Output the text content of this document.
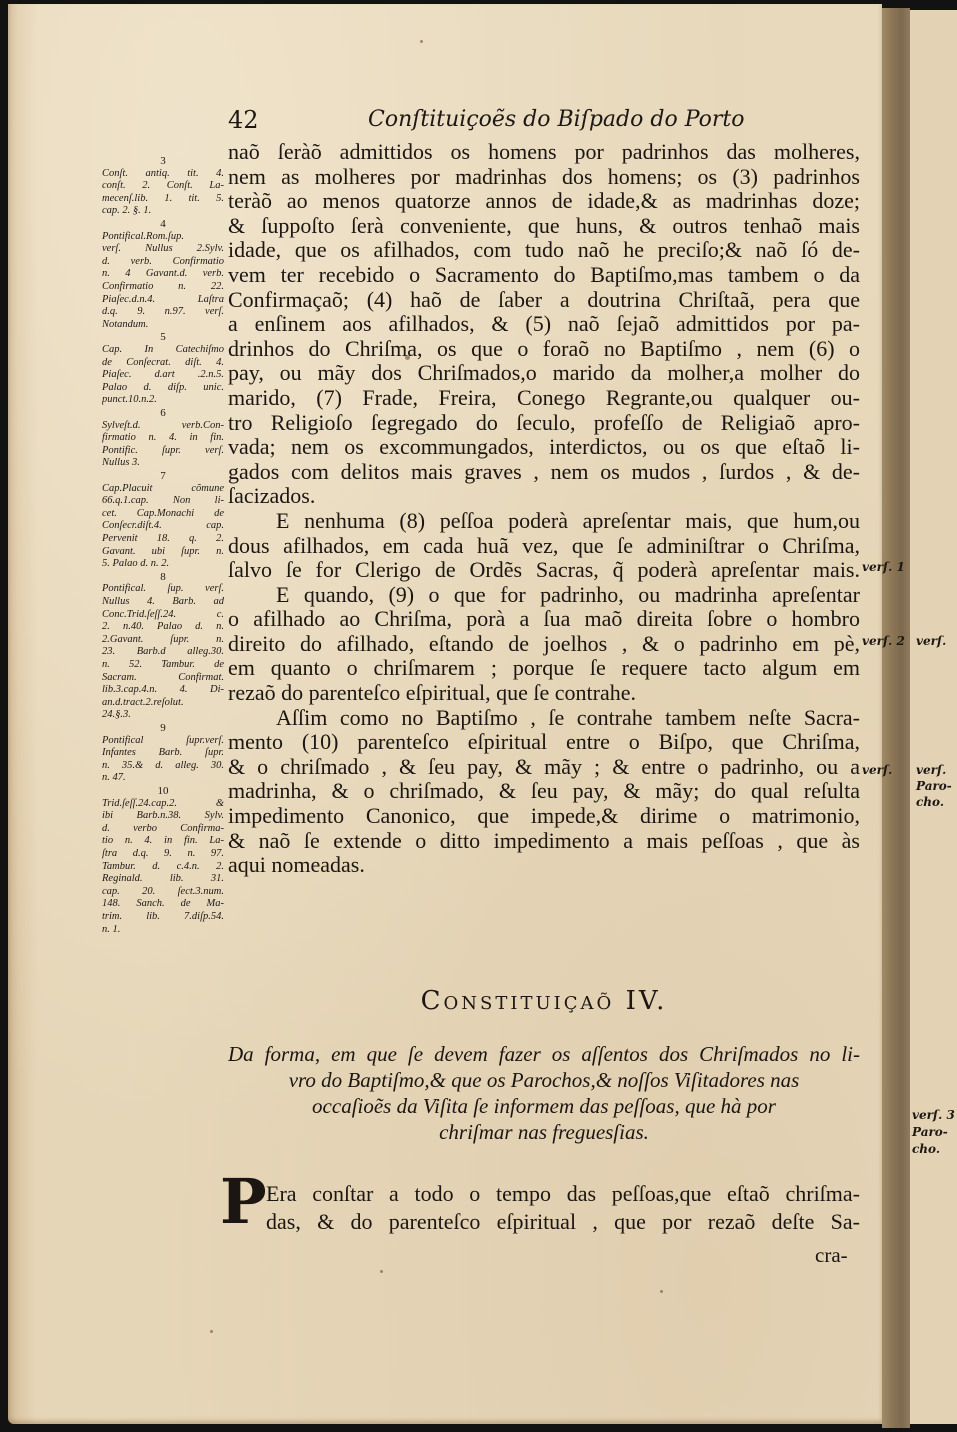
42	Conſtituiçoẽs do Biſpado do Porto
naõ ſeràõ admittidos os homens por padrinhos das molheres,
nem as molheres por madrinhas dos homens; os (3) padrinhos
teràõ ao menos quatorze annos de idade,& as madrinhas doze;
& ſuppoſto ſerà conveniente, que huns, & outros tenhaõ mais
idade, que os afilhados, com tudo naõ he preciſo;& naõ ſó de-
vem ter recebido o Sacramento do Baptiſmo,mas tambem o da
Confirmaçaõ; (4) haõ de ſaber a doutrina Chriſtaã, pera que
a enſinem aos afilhados, & (5) naõ ſejaõ admittidos por pa-
drinhos do Chriſma, os que o foraõ no Baptiſmo , nem (6) o
pay, ou mãy dos Chriſmados,o marido da molher,a molher do
marido, (7) Frade, Freira, Conego Regrante,ou qualquer ou-
tro Religioſo ſegregado do ſeculo, profeſſo de Religiaõ apro-
vada; nem os excommungados, interdictos, ou os que eſtaõ li-
gados com delitos mais graves , nem os mudos , ſurdos , & de-
ſacizados.
E nenhuma (8) peſſoa poderà apreſentar mais, que hum,ou
dous afilhados, em cada huã vez, que ſe adminiſtrar o Chriſma,
ſalvo ſe for Clerigo de Ordẽs Sacras, q̃ poderà apreſentar mais.
E quando, (9) o que for padrinho, ou madrinha apreſentar
o afilhado ao Chriſma, porà a ſua maõ direita ſobre o hombro
direito do afilhado, eſtando de joelhos , & o padrinho em pè,
em quanto o chriſmarem ; porque ſe requere tacto algum em
rezaõ do parenteſco eſpiritual, que ſe contrahe.
Aſſim como no Baptiſmo , ſe contrahe tambem neſte Sacra-
mento (10) parenteſco eſpiritual entre o Biſpo, que Chriſma,
& o chriſmado , & ſeu pay, & mãy ; & entre o padrinho, ou a
madrinha, & o chriſmado, & ſeu pay, & mãy; do qual reſulta
impedimento Canonico, que impede,& dirime o matrimonio,
& naõ ſe extende o ditto impedimento a mais peſſoas , que às
aqui nomeadas.
3
Conſt. antiq. tit. 4.
conſt. 2. Conſt. La-
mecenſ.lib. 1. tit. 5.
cap. 2. §. 1.
4
Pontifical.Rom.ſup.
verſ. Nullus 2.Sylv.
d. verb. Confirmatio
n. 4 Gavant.d. verb.
Confirmatio n. 22.
Piaſec.d.n.4. Laſtra
d.q. 9. n.97. verſ.
Notandum.
5
Cap. In Catechiſmo
de Conſecrat. diſt. 4.
Piaſec. d.art .2.n.5.
Palao d. diſp. unic.
punct.10.n.2.
6
Sylveſt.d. verb.Con-
firmatio n. 4. in fin.
Pontific. ſupr. verſ.
Nullus 3.
7
Cap.Placuit cõmune
66.q.1.cap. Non li-
cet. Cap.Monachi de
Conſecr.diſt.4. cap.
Pervenit 18. q. 2.
Gavant. ubi ſupr. n.
5. Palao d. n. 2.
8
Pontifical. ſup. verſ.
Nullus 4. Barb. ad
Conc.Trid.ſeſſ.24. c.
2. n.40. Palao d. n.
2.Gavant. ſupr. n.
23. Barb.d alleg.30.
n. 52. Tambur. de
Sacram. Confirmat.
lib.3.cap.4.n. 4. Di-
an.d.tract.2.reſolut.
24.§.3.
9
Pontifical ſupr.verſ.
Infantes Barb. ſupr.
n. 35.& d. alleg. 30.
n. 47.
10
Trid.ſeſſ.24.cap.2. &
ibi Barb.n.38. Sylv.
d. verbo Confirma-
tio n. 4. in fin. La-
ſtra d.q. 9. n. 97.
Tambur. d. c.4.n. 2.
Reginald. lib. 31.
cap. 20. ſect.3.num.
148. Sanch. de Ma-
trim. lib. 7.diſp.54.
n. 1.
verſ. 1
verſ. 2 verſ.
verſ. verſ.
Paro-
cho.
verſ. 3
Paro-
cho.
Constituiçaõ IV.
Da forma, em que ſe devem fazer os aſſentos dos Chriſmados no li-
vro do Baptiſmo,& que os Parochos,& noſſos Viſitadores nas
occaſioẽs da Viſita ſe informem das peſſoas, que hà por
chriſmar nas freguesſias.
P Era conſtar a todo o tempo das peſſoas,que eſtaõ chriſma-
das, & do parenteſco eſpiritual , que por rezaõ deſte Sa-
cra-
